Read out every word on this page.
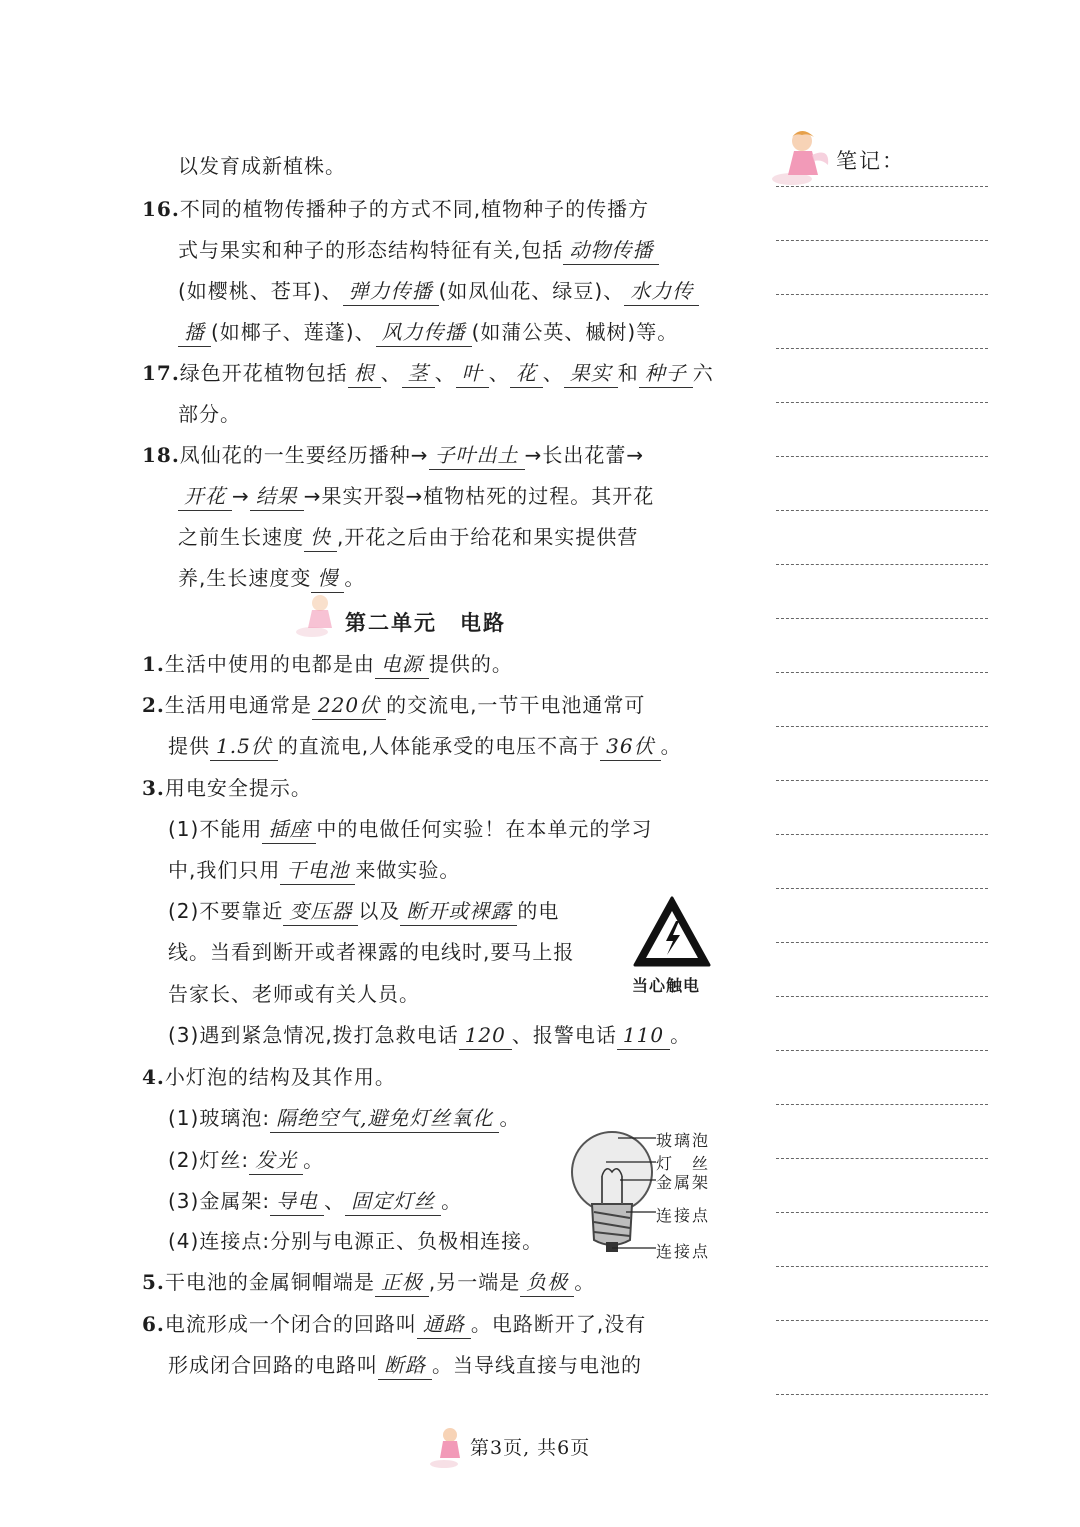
笔记：
以发育成新植株。
16.不同的植物传播种子的方式不同,植物种子的传播方
式与果实和种子的形态结构特征有关,包括 动物传播
(如樱桃、苍耳)、 弹力传播 (如凤仙花、绿豆)、 水力传
播 (如椰子、莲蓬)、 风力传播 (如蒲公英、槭树)等。
17.绿色开花植物包括 根 、 茎 、 叶 、 花 、 果实 和 种子 六
部分。
18.凤仙花的一生要经历播种→ 子叶出土 →长出花蕾→
开花 → 结果 →果实开裂→植物枯死的过程。其开花
之前生长速度 快 ,开花之后由于给花和果实提供营
养,生长速度变 慢 。
第二单元　电路
1.生活中使用的电都是由 电源 提供的。
2.生活用电通常是 220伏 的交流电,一节干电池通常可
提供 1.5伏 的直流电,人体能承受的电压不高于 36伏 。
3.用电安全提示。
(1)不能用 插座 中的电做任何实验！在本单元的学习
中,我们只用 干电池 来做实验。
(2)不要靠近 变压器 以及 断开或裸露 的电
线。当看到断开或者裸露的电线时,要马上报
告家长、老师或有关人员。	当心触电
(3)遇到紧急情况,拨打急救电话 120 、报警电话 110 。
4.小灯泡的结构及其作用。
(1)玻璃泡: 隔绝空气,避免灯丝氧化 。
(2)灯丝: 发光 。
(3)金属架: 导电 、 固定灯丝 。
(4)连接点:分别与电源正、负极相连接。
玻璃泡
灯　丝
金属架
连接点
连接点
5.干电池的金属铜帽端是 正极 ,另一端是 负极 。
6.电流形成一个闭合的回路叫 通路 。电路断开了,没有
形成闭合回路的电路叫 断路 。当导线直接与电池的
第3页, 共6页
